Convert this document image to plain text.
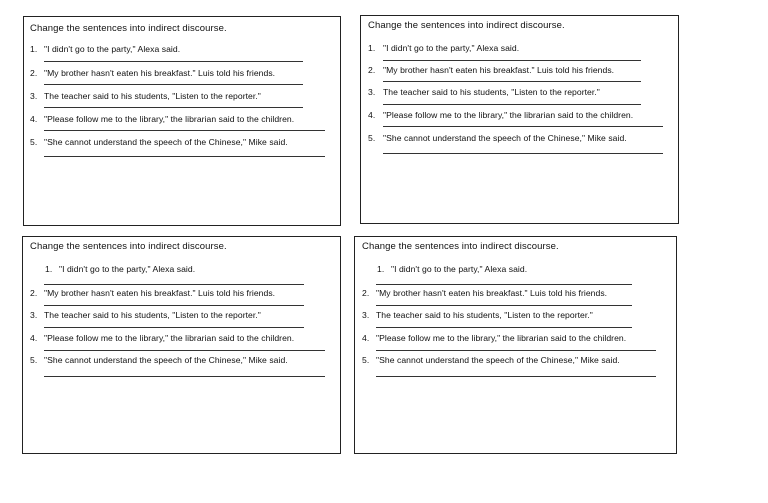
Change the sentences into indirect discourse.
1. "I didn't go to the party," Alexa said.
2. "My brother hasn't eaten his breakfast." Luis told his friends.
3. The teacher said to his students, "Listen to the reporter."
4. "Please follow me to the library," the librarian said to the children.
5. "She cannot understand the speech of the Chinese," Mike said.
Change the sentences into indirect discourse.
1. "I didn't go to the party," Alexa said.
2. "My brother hasn't eaten his breakfast." Luis told his friends.
3. The teacher said to his students, "Listen to the reporter."
4. "Please follow me to the library," the librarian said to the children.
5. "She cannot understand the speech of the Chinese," Mike said.
Change the sentences into indirect discourse.
1. "I didn't go to the party," Alexa said.
2. "My brother hasn't eaten his breakfast." Luis told his friends.
3. The teacher said to his students, "Listen to the reporter."
4. "Please follow me to the library," the librarian said to the children.
5. "She cannot understand the speech of the Chinese," Mike said.
Change the sentences into indirect discourse.
1. "I didn't go to the party," Alexa said.
2. "My brother hasn't eaten his breakfast." Luis told his friends.
3. The teacher said to his students, "Listen to the reporter."
4. "Please follow me to the library," the librarian said to the children.
5. "She cannot understand the speech of the Chinese," Mike said.
